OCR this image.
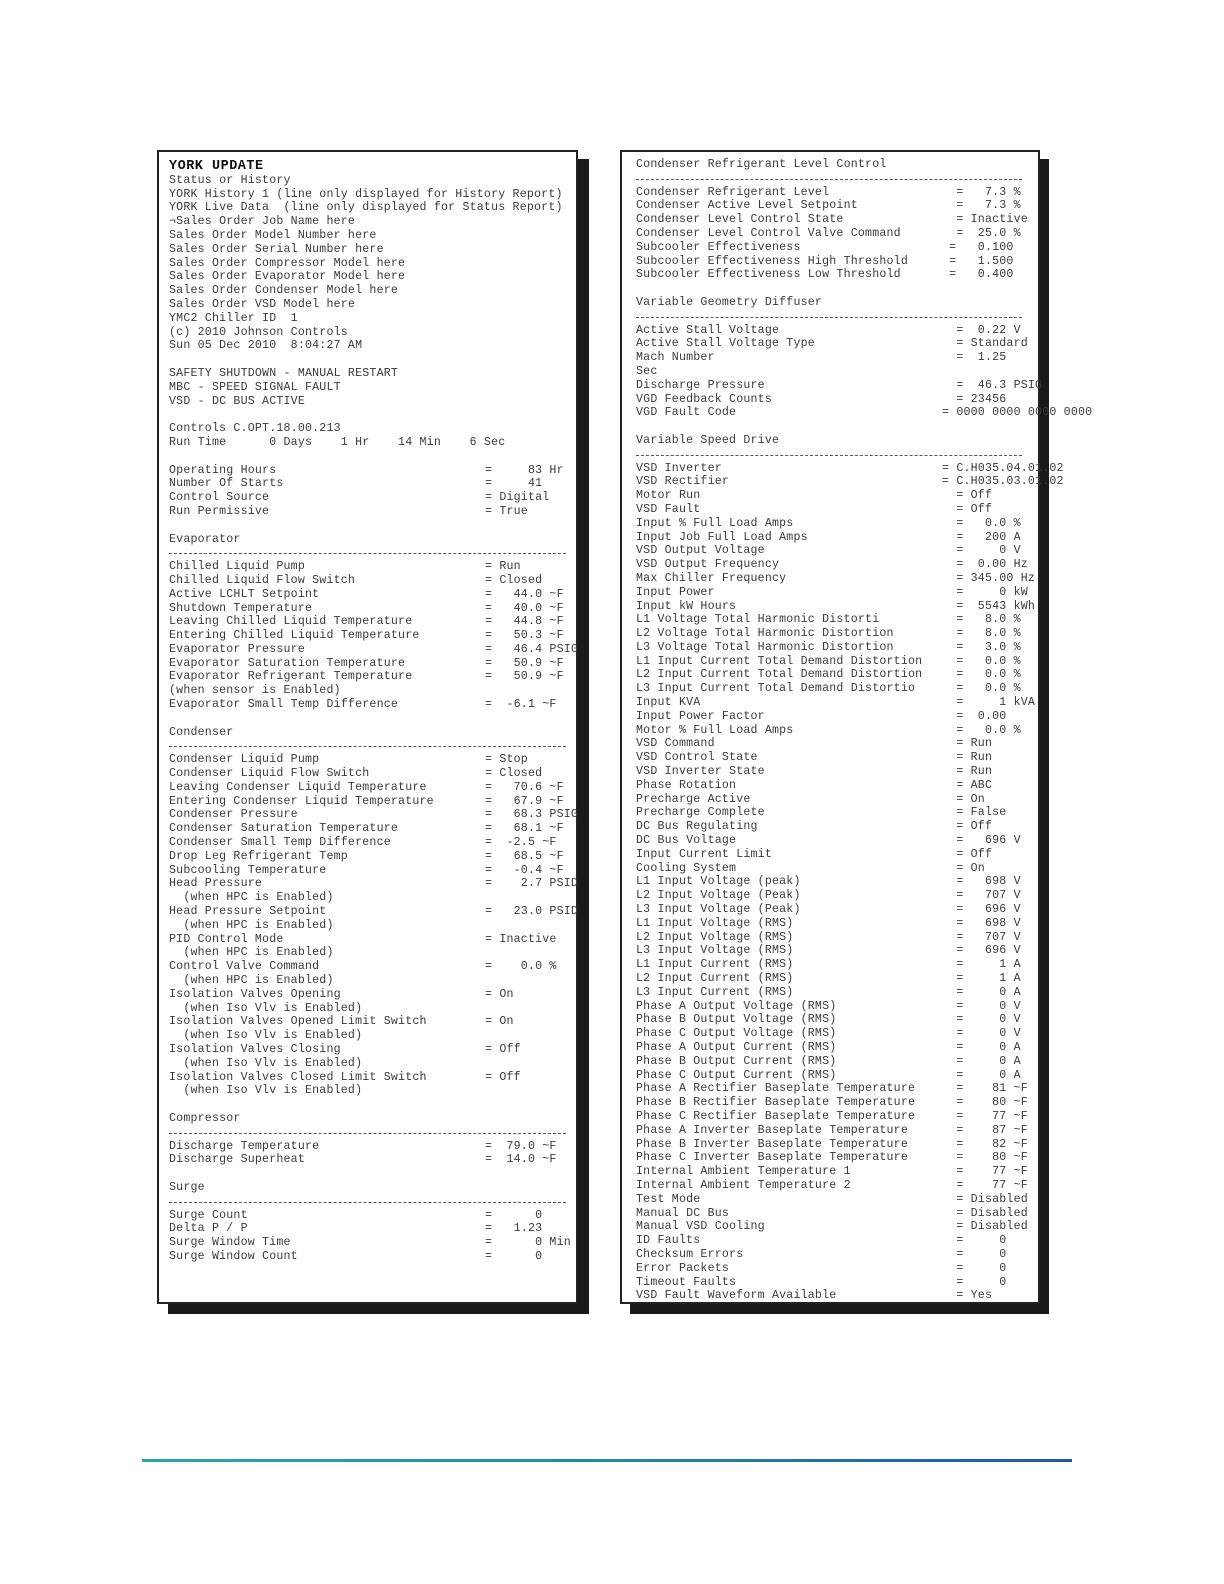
YORK UPDATE
Status or History
YORK History 1 (line only displayed for History Report)
YORK Live Data  (line only displayed for Status Report)
¬Sales Order Job Name here
Sales Order Model Number here
Sales Order Serial Number here
Sales Order Compressor Model here
Sales Order Evaporator Model here
Sales Order Condenser Model here
Sales Order VSD Model here
YMC2 Chiller ID  1
(c) 2010 Johnson Controls
Sun 05 Dec 2010  8:04:27 AM
SAFETY SHUTDOWN - MANUAL RESTART
MBC - SPEED SIGNAL FAULT
VSD - DC BUS ACTIVE
Controls C.OPT.18.00.213
Run Time      0 Days    1 Hr    14 Min    6 Sec
Operating Hours	=     83 Hr
Number Of Starts	=     41
Control Source	= Digital
Run Permissive	= True
Evaporator
Chilled Liquid Pump	= Run
Chilled Liquid Flow Switch	= Closed
Active LCHLT Setpoint	=   44.0 ~F
Shutdown Temperature	=   40.0 ~F
Leaving Chilled Liquid Temperature	=   44.8 ~F
Entering Chilled Liquid Temperature	=   50.3 ~F
Evaporator Pressure	=   46.4 PSIG
Evaporator Saturation Temperature	=   50.9 ~F
Evaporator Refrigerant Temperature	=   50.9 ~F
(when sensor is Enabled)
Evaporator Small Temp Difference	=  -6.1 ~F
Condenser
Condenser Liquid Pump	= Stop
Condenser Liquid Flow Switch	= Closed
Leaving Condenser Liquid Temperature	=   70.6 ~F
Entering Condenser Liquid Temperature	=   67.9 ~F
Condenser Pressure	=   68.3 PSIG
Condenser Saturation Temperature	=   68.1 ~F
Condenser Small Temp Difference	=  -2.5 ~F
Drop Leg Refrigerant Temp	=   68.5 ~F
Subcooling Temperature	=   -0.4 ~F
Head Pressure	=    2.7 PSID
(when HPC is Enabled)
Head Pressure Setpoint	=   23.0 PSID
(when HPC is Enabled)
PID Control Mode	= Inactive
(when HPC is Enabled)
Control Valve Command	=    0.0 %
(when HPC is Enabled)
Isolation Valves Opening	= On
(when Iso Vlv is Enabled)
Isolation Valves Opened Limit Switch	= On
(when Iso Vlv is Enabled)
Isolation Valves Closing	= Off
(when Iso Vlv is Enabled)
Isolation Valves Closed Limit Switch	= Off
(when Iso Vlv is Enabled)
Compressor
Discharge Temperature	=  79.0 ~F
Discharge Superheat	=  14.0 ~F
Surge
Surge Count	=      0
Delta P / P	=   1.23
Surge Window Time	=      0 Min
Surge Window Count	=      0
Condenser Refrigerant Level Control
Condenser Refrigerant Level	=   7.3 %
Condenser Active Level Setpoint	=   7.3 %
Condenser Level Control State	= Inactive
Condenser Level Control Valve Command	=  25.0 %
Subcooler Effectiveness	=   0.100
Subcooler Effectiveness High Threshold	=   1.500
Subcooler Effectiveness Low Threshold	=   0.400
Variable Geometry Diffuser
Active Stall Voltage	=  0.22 V
Active Stall Voltage Type	= Standard
Mach Number	=  1.25
Sec
Discharge Pressure	=  46.3 PSIG
VGD Feedback Counts	= 23456
VGD Fault Code	= 0000 0000 0000 0000
Variable Speed Drive
VSD Inverter	= C.H035.04.01.02
VSD Rectifier	= C.H035.03.01.02
Motor Run	= Off
VSD Fault	= Off
Input % Full Load Amps	=   0.0 %
Input Job Full Load Amps	=   200 A
VSD Output Voltage	=     0 V
VSD Output Frequency	=  0.00 Hz
Max Chiller Frequency	= 345.00 Hz
Input Power	=     0 kW
Input kW Hours	=  5543 kWh
L1 Voltage Total Harmonic Distorti	=   8.0 %
L2 Voltage Total Harmonic Distortion	=   8.0 %
L3 Voltage Total Harmonic Distortion	=   3.0 %
L1 Input Current Total Demand Distortion	=   0.0 %
L2 Input Current Total Demand Distortion	=   0.0 %
L3 Input Current Total Demand Distortio	=   0.0 %
Input KVA	=     1 kVA
Input Power Factor	=  0.00
Motor % Full Load Amps	=   0.0 %
VSD Command	= Run
VSD Control State	= Run
VSD Inverter State	= Run
Phase Rotation	= ABC
Precharge Active	= On
Precharge Complete	= False
DC Bus Regulating	= Off
DC Bus Voltage	=   696 V
Input Current Limit	= Off
Cooling System	= On
L1 Input Voltage (peak)	=   698 V
L2 Input Voltage (Peak)	=   707 V
L3 Input Voltage (Peak)	=   696 V
L1 Input Voltage (RMS)	=   698 V
L2 Input Voltage (RMS)	=   707 V
L3 Input Voltage (RMS)	=   696 V
L1 Input Current (RMS)	=     1 A
L2 Input Current (RMS)	=     1 A
L3 Input Current (RMS)	=     0 A
Phase A Output Voltage (RMS)	=     0 V
Phase B Output Voltage (RMS)	=     0 V
Phase C Output Voltage (RMS)	=     0 V
Phase A Output Current (RMS)	=     0 A
Phase B Output Current (RMS)	=     0 A
Phase C Output Current (RMS)	=     0 A
Phase A Rectifier Baseplate Temperature	=    81 ~F
Phase B Rectifier Baseplate Temperature	=    80 ~F
Phase C Rectifier Baseplate Temperature	=    77 ~F
Phase A Inverter Baseplate Temperature	=    87 ~F
Phase B Inverter Baseplate Temperature	=    82 ~F
Phase C Inverter Baseplate Temperature	=    80 ~F
Internal Ambient Temperature 1	=    77 ~F
Internal Ambient Temperature 2	=    77 ~F
Test Mode	= Disabled
Manual DC Bus	= Disabled
Manual VSD Cooling	= Disabled
ID Faults	=     0
Checksum Errors	=     0
Error Packets	=     0
Timeout Faults	=     0
VSD Fault Waveform Available	= Yes
